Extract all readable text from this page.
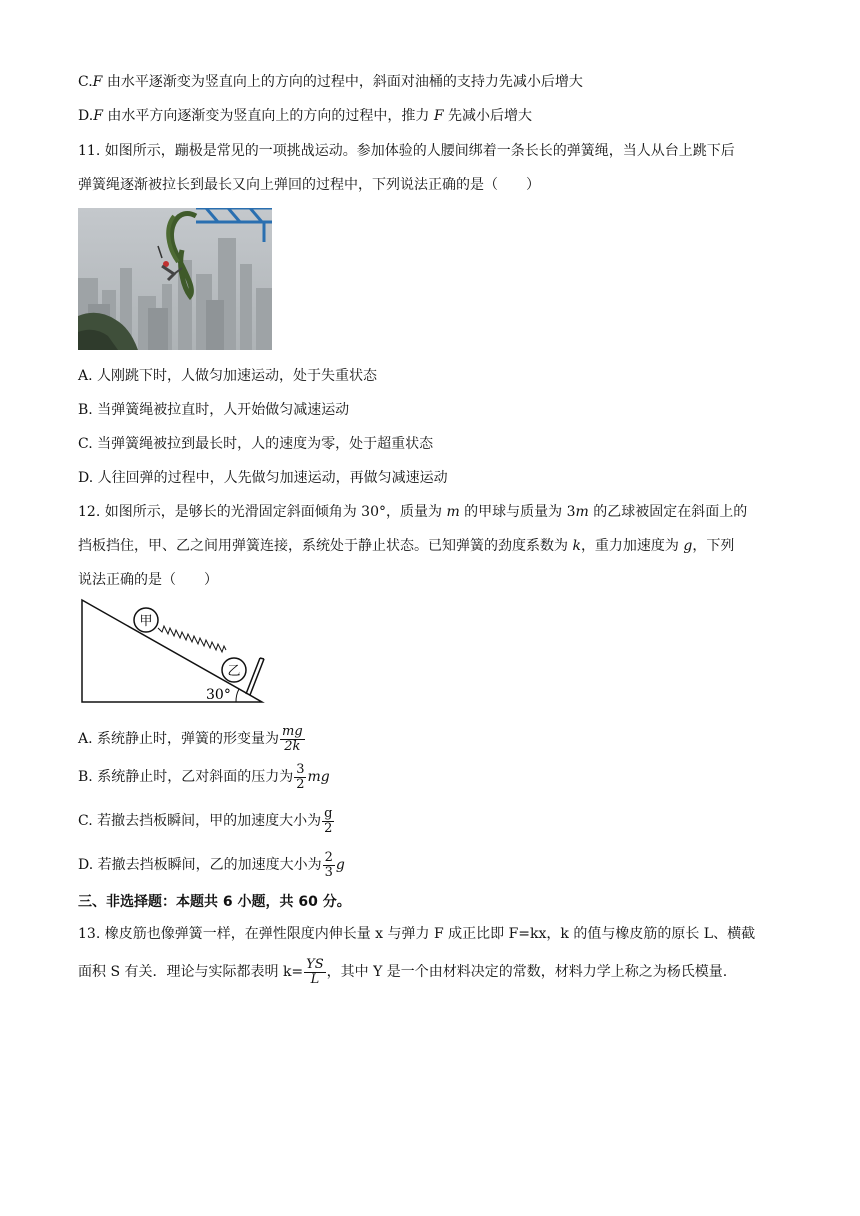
C.F 由水平逐渐变为竖直向上的方向的过程中，斜面对油桶的支持力先减小后增大
D.F 由水平方向逐渐变为竖直向上的方向的过程中，推力 F 先减小后增大
11. 如图所示，蹦极是常见的一项挑战运动。参加体验的人腰间绑着一条长长的弹簧绳，当人从台上跳下后
弹簧绳逐渐被拉长到最长又向上弹回的过程中，下列说法正确的是（　　）
A. 人刚跳下时，人做匀加速运动，处于失重状态
B. 当弹簧绳被拉直时，人开始做匀减速运动
C. 当弹簧绳被拉到最长时，人的速度为零，处于超重状态
D. 人往回弹的过程中，人先做匀加速运动，再做匀减速运动
12. 如图所示，是够长的光滑固定斜面倾角为 30°，质量为 m 的甲球与质量为 3m 的乙球被固定在斜面上的
挡板挡住，甲、乙之间用弹簧连接，系统处于静止状态。已知弹簧的劲度系数为 k，重力加速度为 g，下列
说法正确的是（　　）
甲
乙
30°
A. 系统静止时，弹簧的形变量为 $\frac{mg}{2k}$
B. 系统静止时，乙对斜面的压力为 $\frac{3}{2}$ mg
C. 若撤去挡板瞬间，甲的加速度大小为 $\frac{g}{2}$
D. 若撤去挡板瞬间，乙的加速度大小为 $\frac{2}{3}$ g
三、非选择题：本题共 6 小题，共 60 分。
13. 橡皮筋也像弹簧一样，在弹性限度内伸长量 x 与弹力 F 成正比即 F=kx，k 的值与橡皮筋的原长 L、横截
面积 S 有关．理论与实际都表明 $k= \frac{YS}{L}$ ，其中 Y 是一个由材料决定的常数，材料力学上称之为杨氏模量.
